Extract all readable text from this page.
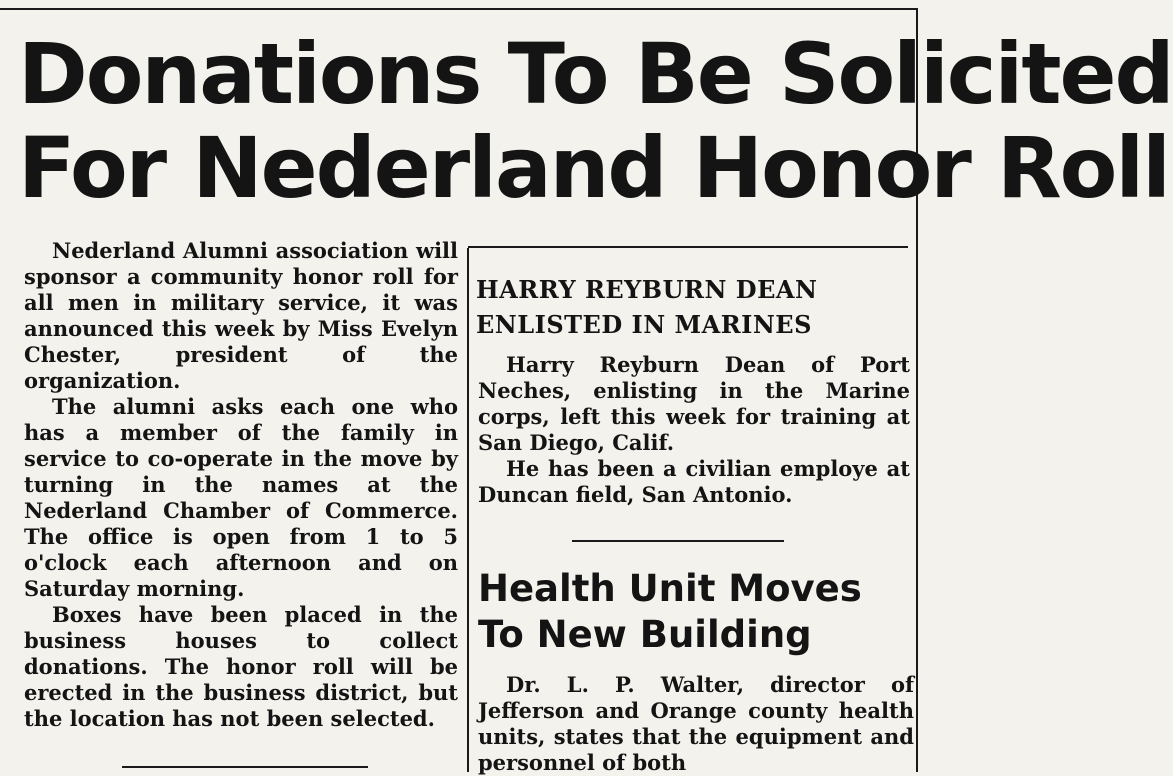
Donations To Be Solicited
For Nederland Honor Roll

Nederland Alumni association will sponsor a community honor roll for all men in military service, it was announced this week by Miss Evelyn Chester, president of the organization.

The alumni asks each one who has a member of the family in service to co-operate in the move by turning in the names at the Nederland Chamber of Commerce. The office is open from 1 to 5 o'clock each afternoon and on Saturday morning.

Boxes have been placed in the business houses to collect donations. The honor roll will be erected in the business district, but the location has not been selected.

HARRY REYBURN DEAN ENLISTED IN MARINES

Harry Reyburn Dean of Port Neches, enlisting in the Marine corps, left this week for training at San Diego, Calif.

He has been a civilian employe at Duncan field, San Antonio.

Health Unit Moves To New Building

Dr. L. P. Walter, director of Jefferson and Orange county health units, states that the equipment and personnel of both
